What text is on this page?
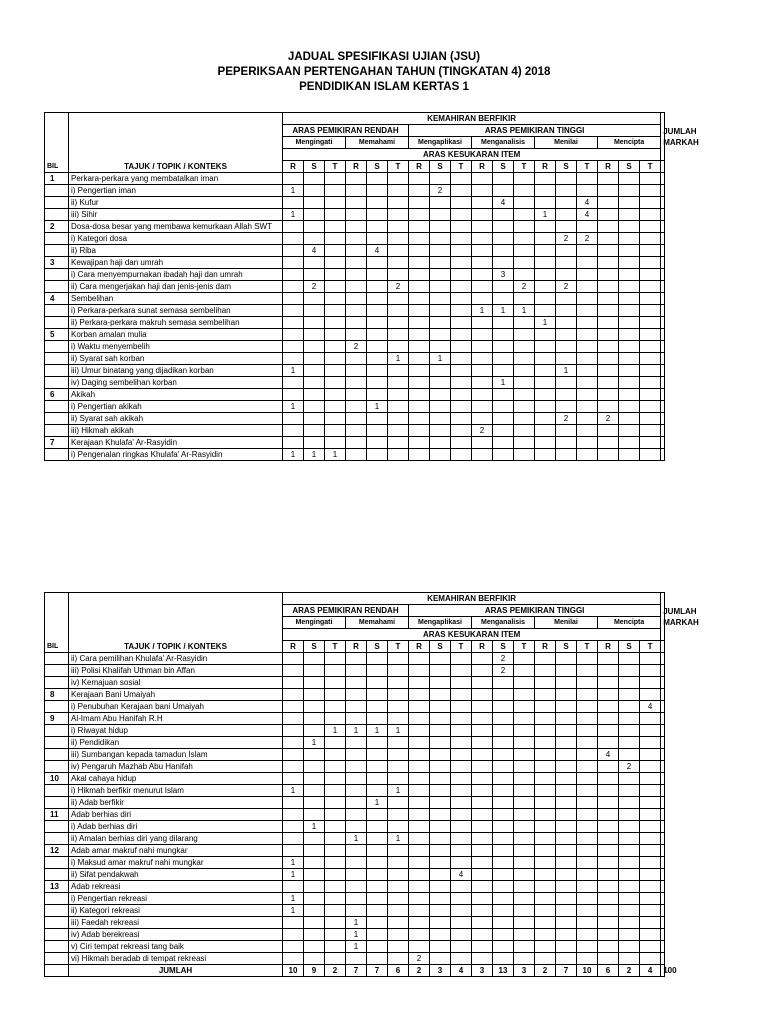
JADUAL SPESIFIKASI UJIAN (JSU)
PEPERIKSAAN PERTENGAHAN TAHUN (TINGKATAN 4) 2018
PENDIDIKAN ISLAM KERTAS 1
BIL	TAJUK / TOPIK / KONTEKS	KEMAHIRAN BERFIKIR																		JUMLAH
MARKAH

		ARAS PEMIKIRAN RENDAH						ARAS PEMIKIRAN TINGGI												
		Mengingati			Memahami			Mengaplikasi			Menganalisis			Menilai			Mencipta			
		ARAS KESUKARAN ITEM																		
		R	S	T	R	S	T	R	S	T	R	S	T	R	S	T	R	S	T	
1	Perkara-perkara yang membatalkan iman																			
	i) Pengertian iman	1							2											
	ii) Kufur											4				4				
	iii) Sihir	1												1		4				
2	Dosa-dosa besar yang membawa kemurkaan Allah SWT																			
	i) Kategori dosa														2	2				
	ii) Riba		4			4														
3	Kewajipan haji dan umrah																			
	i) Cara menyempurnakan ibadah haji dan umrah											3								
	ii) Cara mengerjakan haji dan jenis-jenis dam		2				2						2		2					
4	Sembelihan																			
	i) Perkara-perkara sunat semasa sembelihan										1	1	1							
	ii) Perkara-perkara makruh semasa sembelihan													1						
5	Korban amalan mulia																			
	i) Waktu menyembelih				2															
	ii) Syarat sah korban						1		1											
	iii) Umur binatang yang dijadikan korban	1													1					
	iv) Daging sembelihan korban											1								
6	Akikah																			
	i) Pengertian akikah	1				1														
	ii) Syarat sah akikah														2		2			
	iii) Hikmah akikah										2									
7	Kerajaan Khulafa' Ar-Rasyidin																			
	i) Pengenalan ringkas Khulafa' Ar-Rasyidin	1	1	1																
BIL	TAJUK / TOPIK / KONTEKS	KEMAHIRAN BERFIKIR																		JUMLAH
MARKAH

		ARAS PEMIKIRAN RENDAH						ARAS PEMIKIRAN TINGGI												
		Mengingati			Memahami			Mengaplikasi			Menganalisis			Menilai			Mencipta			
		ARAS KESUKARAN ITEM																		
		R	S	T	R	S	T	R	S	T	R	S	T	R	S	T	R	S	T	
	ii) Cara pemilihan Khulafa' Ar-Rasyidin											2								
	iii) Polisi Khalifah Uthman bin Affan											2								
	iv) Kemajuan sosial																			
8	Kerajaan Bani Umaiyah																			
	i) Penubuhan Kerajaan bani Umaiyah																		4	
9	Al-Imam Abu Hanifah R.H																			
	i) Riwayat hidup			1	1	1	1													
	ii) Pendidikan		1																	
	iii) Sumbangan kepada tamadun Islam																4			
	iv) Pengaruh Mazhab Abu Hanifah																	2		
10	Akal cahaya hidup																			
	i) Hikmah berfikir menurut Islam	1					1													
	ii) Adab berfikir					1														
11	Adab berhias diri																			
	i) Adab berhias diri		1																	
	ii) Amalan berhias diri yang dilarang				1		1													
12	Adab amar makruf nahi mungkar																			
	i) Maksud amar makruf nahi mungkar	1																		
	ii) Sifat pendakwah	1								4										
13	Adab rekreasi																			
	i) Pengertian rekreasi	1																		
	ii) Kategori rekreasi	1																		
	iii) Faedah rekreasi				1															
	iv) Adab berekreasi				1															
	v) Ciri tempat rekreasi tang baik				1															
	vi) Hikmah beradab di tempat rekreasi							2												
	JUMLAH	10	9	2	7	7	6	2	3	4	3	13	3	2	7	10	6	2	4	100
